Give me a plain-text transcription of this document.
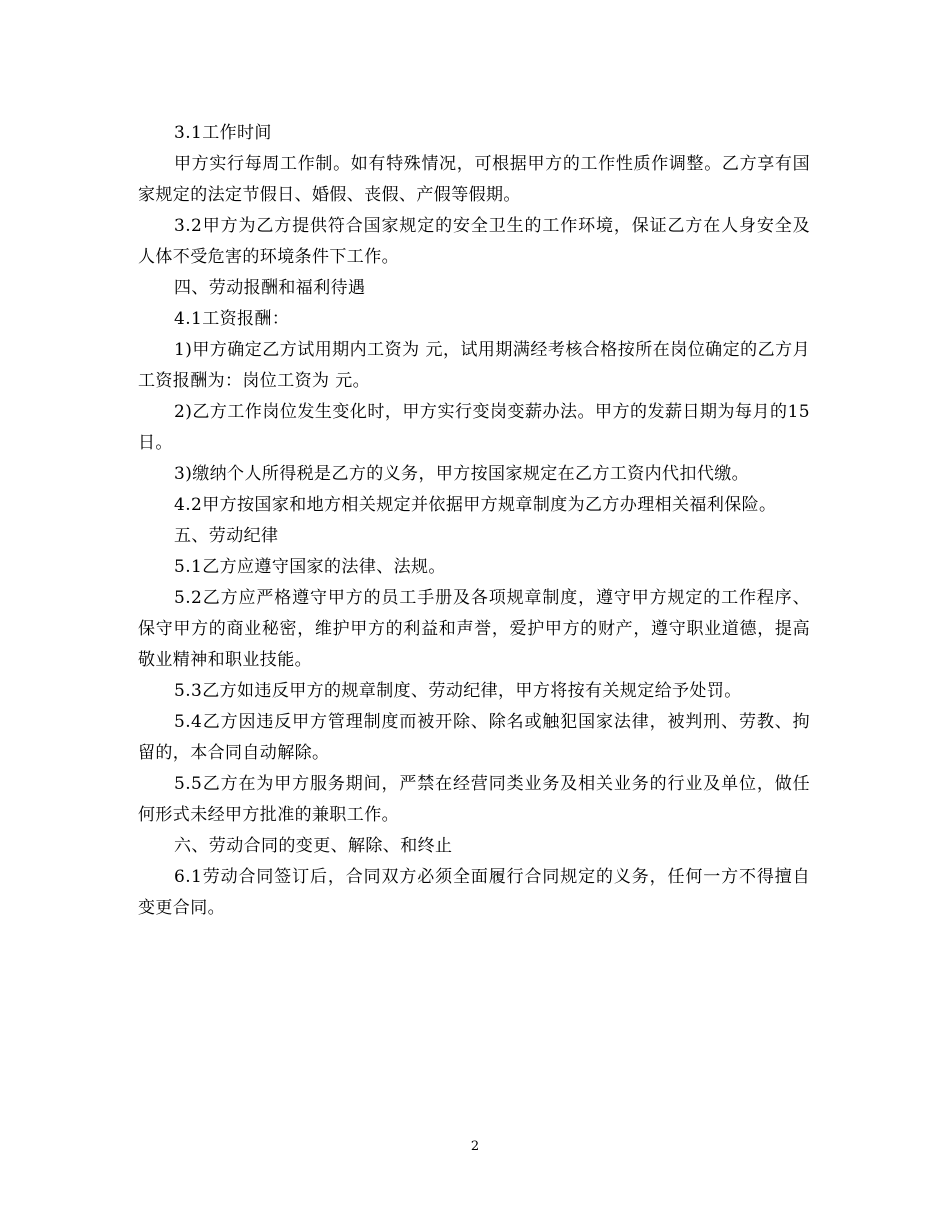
3.1工作时间

甲方实行每周工作制。如有特殊情况，可根据甲方的工作性质作调整。乙方享有国家规定的法定节假日、婚假、丧假、产假等假期。

3.2甲方为乙方提供符合国家规定的安全卫生的工作环境，保证乙方在人身安全及人体不受危害的环境条件下工作。

四、劳动报酬和福利待遇

4.1工资报酬：

1)甲方确定乙方试用期内工资为 元，试用期满经考核合格按所在岗位确定的乙方月工资报酬为：岗位工资为 元。

2)乙方工作岗位发生变化时，甲方实行变岗变薪办法。甲方的发薪日期为每月的15日。

3)缴纳个人所得税是乙方的义务，甲方按国家规定在乙方工资内代扣代缴。

4.2甲方按国家和地方相关规定并依据甲方规章制度为乙方办理相关福利保险。

五、劳动纪律

5.1乙方应遵守国家的法律、法规。

5.2乙方应严格遵守甲方的员工手册及各项规章制度，遵守甲方规定的工作程序、保守甲方的商业秘密，维护甲方的利益和声誉，爱护甲方的财产，遵守职业道德，提高敬业精神和职业技能。

5.3乙方如违反甲方的规章制度、劳动纪律，甲方将按有关规定给予处罚。

5.4乙方因违反甲方管理制度而被开除、除名或触犯国家法律，被判刑、劳教、拘留的，本合同自动解除。

5.5乙方在为甲方服务期间，严禁在经营同类业务及相关业务的行业及单位，做任何形式未经甲方批准的兼职工作。

六、劳动合同的变更、解除、和终止

6.1劳动合同签订后，合同双方必须全面履行合同规定的义务，任何一方不得擅自变更合同。

2
